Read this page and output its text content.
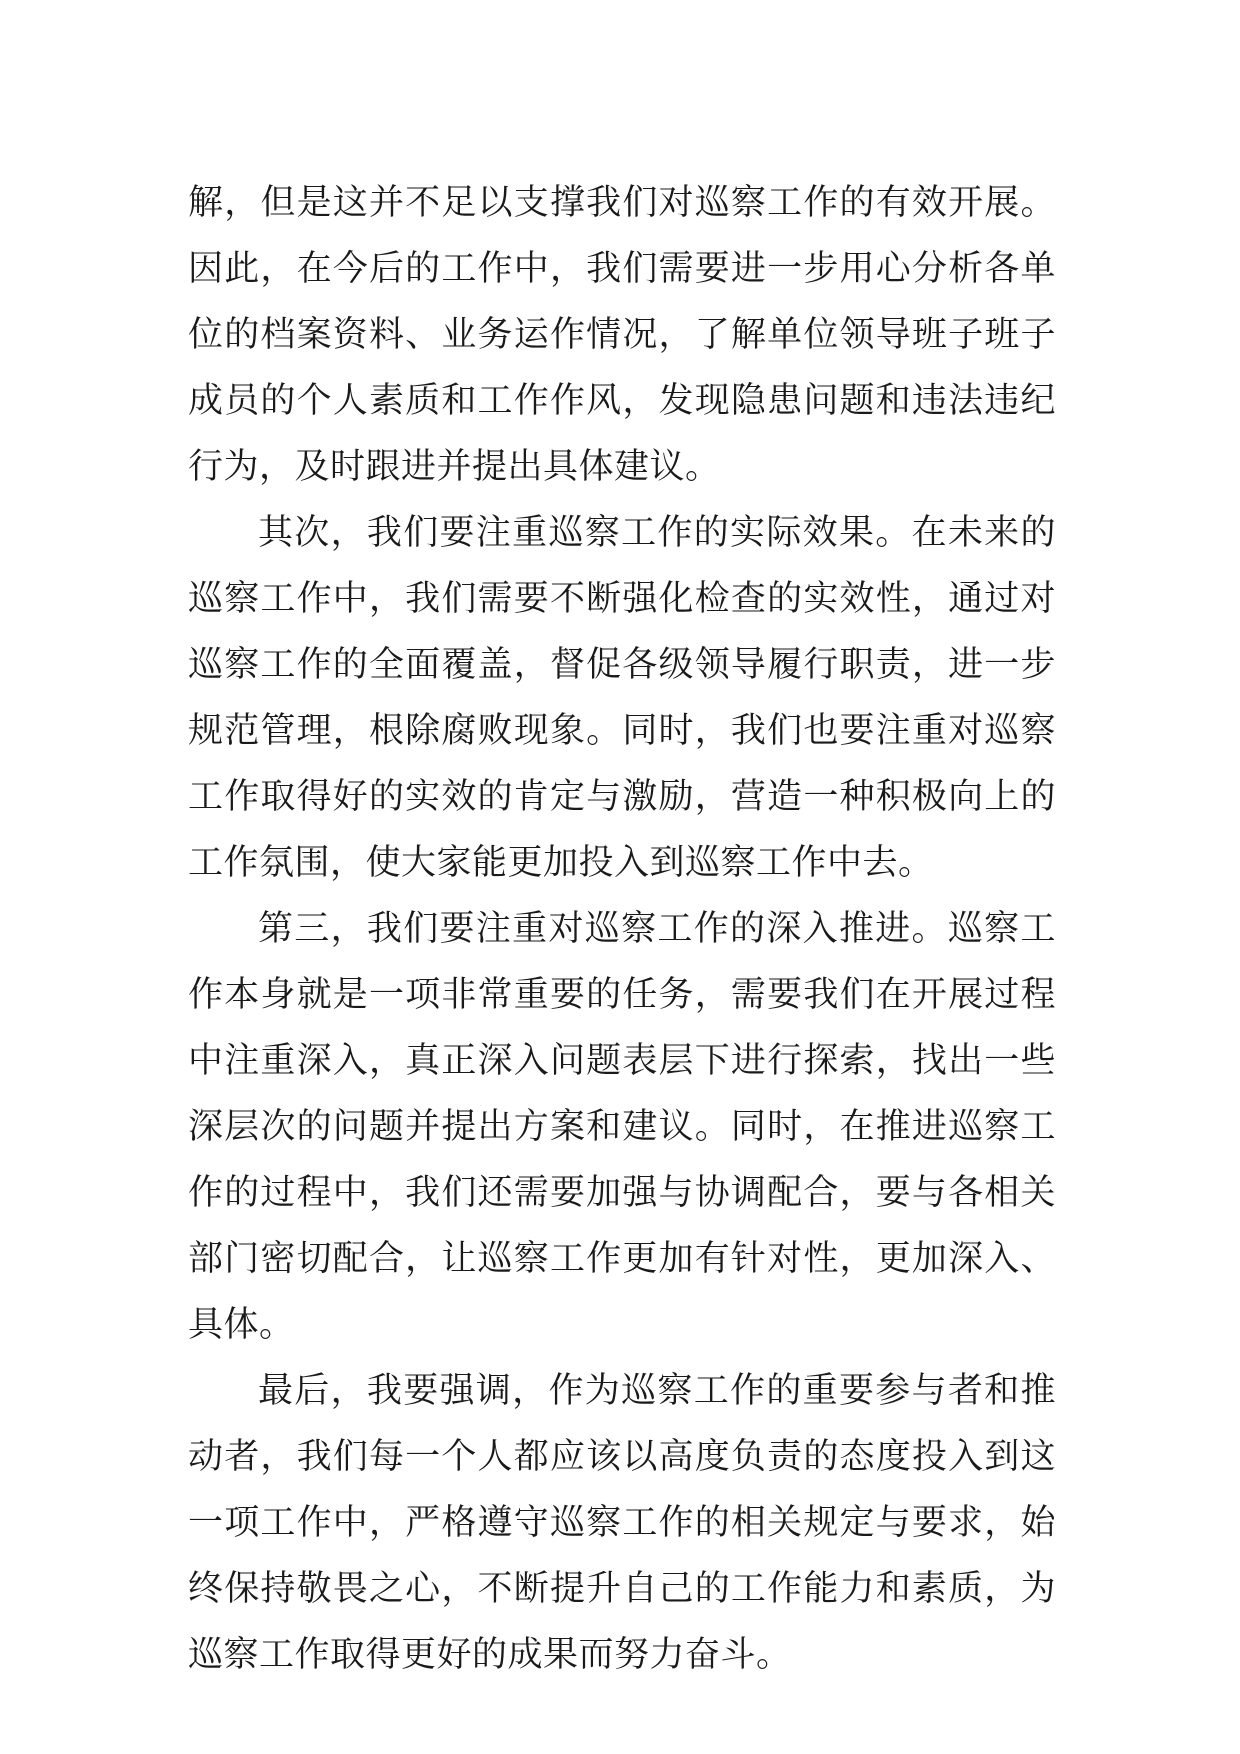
解，但是这并不足以支撑我们对巡察工作的有效开展。因此，在今后的工作中，我们需要进一步用心分析各单位的档案资料、业务运作情况，了解单位领导班子班子成员的个人素质和工作作风，发现隐患问题和违法违纪行为，及时跟进并提出具体建议。

其次，我们要注重巡察工作的实际效果。在未来的巡察工作中，我们需要不断强化检查的实效性，通过对巡察工作的全面覆盖，督促各级领导履行职责，进一步规范管理，根除腐败现象。同时，我们也要注重对巡察工作取得好的实效的肯定与激励，营造一种积极向上的工作氛围，使大家能更加投入到巡察工作中去。

第三，我们要注重对巡察工作的深入推进。巡察工作本身就是一项非常重要的任务，需要我们在开展过程中注重深入，真正深入问题表层下进行探索，找出一些深层次的问题并提出方案和建议。同时，在推进巡察工作的过程中，我们还需要加强与协调配合，要与各相关部门密切配合，让巡察工作更加有针对性，更加深入、具体。

最后，我要强调，作为巡察工作的重要参与者和推动者，我们每一个人都应该以高度负责的态度投入到这一项工作中，严格遵守巡察工作的相关规定与要求，始终保持敬畏之心，不断提升自己的工作能力和素质，为巡察工作取得更好的成果而努力奋斗。
